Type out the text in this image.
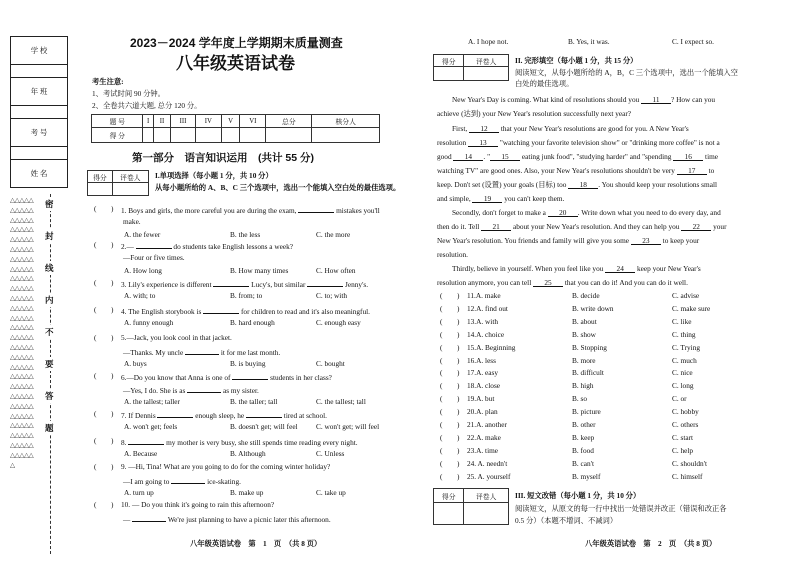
学 校

年 班

考 号

姓 名
△△△△△△△△△△△△△△△△△△△△△△△△△△△△△△△△△△△△△△△△△△△△△△△△△△△△△△△△△△△△△△△△△△△△△△△△△△△△△△△△△△△△△△△△△△△△△△△△△△△△△△△△△△△△△△△△△△△△△△△△△△△△△△△△△△△△△△△△
密
封
线
内
不
要
答
题
2023－2024 学年度上学期期末质量测查
八年级英语试卷
考生注意:
1、考试时间 90 分钟。
2、全卷共六道大题, 总分 120 分。
题 号	I	II	III	IV	V	VI	总分	核分人
得 分								
第一部分　语言知识运用　(共计 55 分)
得分	评卷人
	I.单项选择（每小题 1 分，共 10 分）
从每小题所给的 A、B、C 三个选项中，选出一个能填入空白处的最佳选项。
(　　) 1. Boys and girls, the more careful you are during the exam,	mistakes you'll
make.
A. the fewer	B. the less	C. the more
(　　) 2.—	do students take English lessons a week?
—Four or five times.
A. How long	B. How many times	C. How often
(　　) 3. Lily's experience is different	Lucy's, but similar	Jenny's.
A. with; to	B. from; to	C. to; with
(　　) 4. The English storybook is	for children to read and it's also meaningful.
A. funny enough	B. hard enough	C. enough easy
(　　) 5.—Jack, you look cool in that jacket.
—Thanks. My uncle	it for me last month.
A. buys	B. is buying	C. bought
(　　) 6.—Do you know that Anna is one of	students in her class?
—Yes, I do. She is as	as my sister.
A. the tallest; taller	B. the taller; tall	C. the tallest; tall
(　　) 7. If Dennis	enough sleep, he	tired at school.
A. won't get; feels	B. doesn't get; will feel	C. won't get; will feel
(　　) 8.	my mother is very busy, she still spends time reading every night.
A. Because	B. Although	C. Unless
(　　) 9. —Hi, Tina! What are you going to do for the coming winter holiday?
—I am going to	ice-skating.
A. turn up	B. make up	C. take up
(　　) 10. — Do you think it's going to rain this afternoon?
—	We're just planning to have a picnic later this afternoon.
八年级英语试卷　第　1　页　（共 8 页）
A. I hope not.	B. Yes, it was.	C. I expect so.
得分	评卷人
		II. 完形填空（每小题 1 分，共 15 分）
阅读短文，从每小题所给的 A，B，C 三个选项中，选出一个能填入空
白处的最佳选项。
New Year's Day is coming. What kind of resolutions should you 11 ? How can you
achieve (达到) your New Year's resolution successfully next year?
First, 12 that your New Year's resolutions are good for you. A New Year's
resolution 13 "watching your favorite television show" or "drinking more coffee" is not a
good 14 . " 15 eating junk food", "studying harder" and "spending 16 time
watching TV" are good ones. Also, your New Year's resolutions shouldn't be very 17 to
keep. Don't set (设置) your goals (目标) too 18 . You should keep your resolutions small
and simple, 19 you can't keep them.
Secondly, don't forget to make a 20 . Write down what you need to do every day, and
then do it. Tell 21 about your New Year's resolution. And they can help you 22 your
New Year's resolution. You friends and family will give you some 23 to keep your
resolution.
Thirdly, believe in yourself. When you feel like you 24 keep your New Year's
resolution anymore, you can tell 25 that you can do it! And you can do it well.
(　　) 11.A. make	B. decide	C. advise
(　　) 12.A. find out	B. write down	C. make sure
(　　) 13.A. with	B. about	C. like
(　　) 14.A. choice	B. show	C. thing
(　　) 15.A. Beginning	B. Stopping	C. Trying
(　　) 16.A. less	B. more	C. much
(　　) 17.A. easy	B. difficult	C. nice
(　　) 18.A. close	B. high	C. long
(　　) 19.A. but	B. so	C. or
(　　) 20.A. plan	B. picture	C. hobby
(　　) 21.A. another	B. other	C. others
(　　) 22.A. make	B. keep	C. start
(　　) 23.A. time	B. food	C. help
(　　) 24. A. needn't	B. can't	C. shouldn't
(　　) 25. A. yourself	B. myself	C. himself
得分	评卷人
		III. 短文改错（每小题 1 分，共 10 分）
阅读短文，从原文的每一行中找出一处错误并改正（错误和改正各
0.5 分）（本题不增词、不减词）
八年级英语试卷　第　2　页　（共 8 页）
